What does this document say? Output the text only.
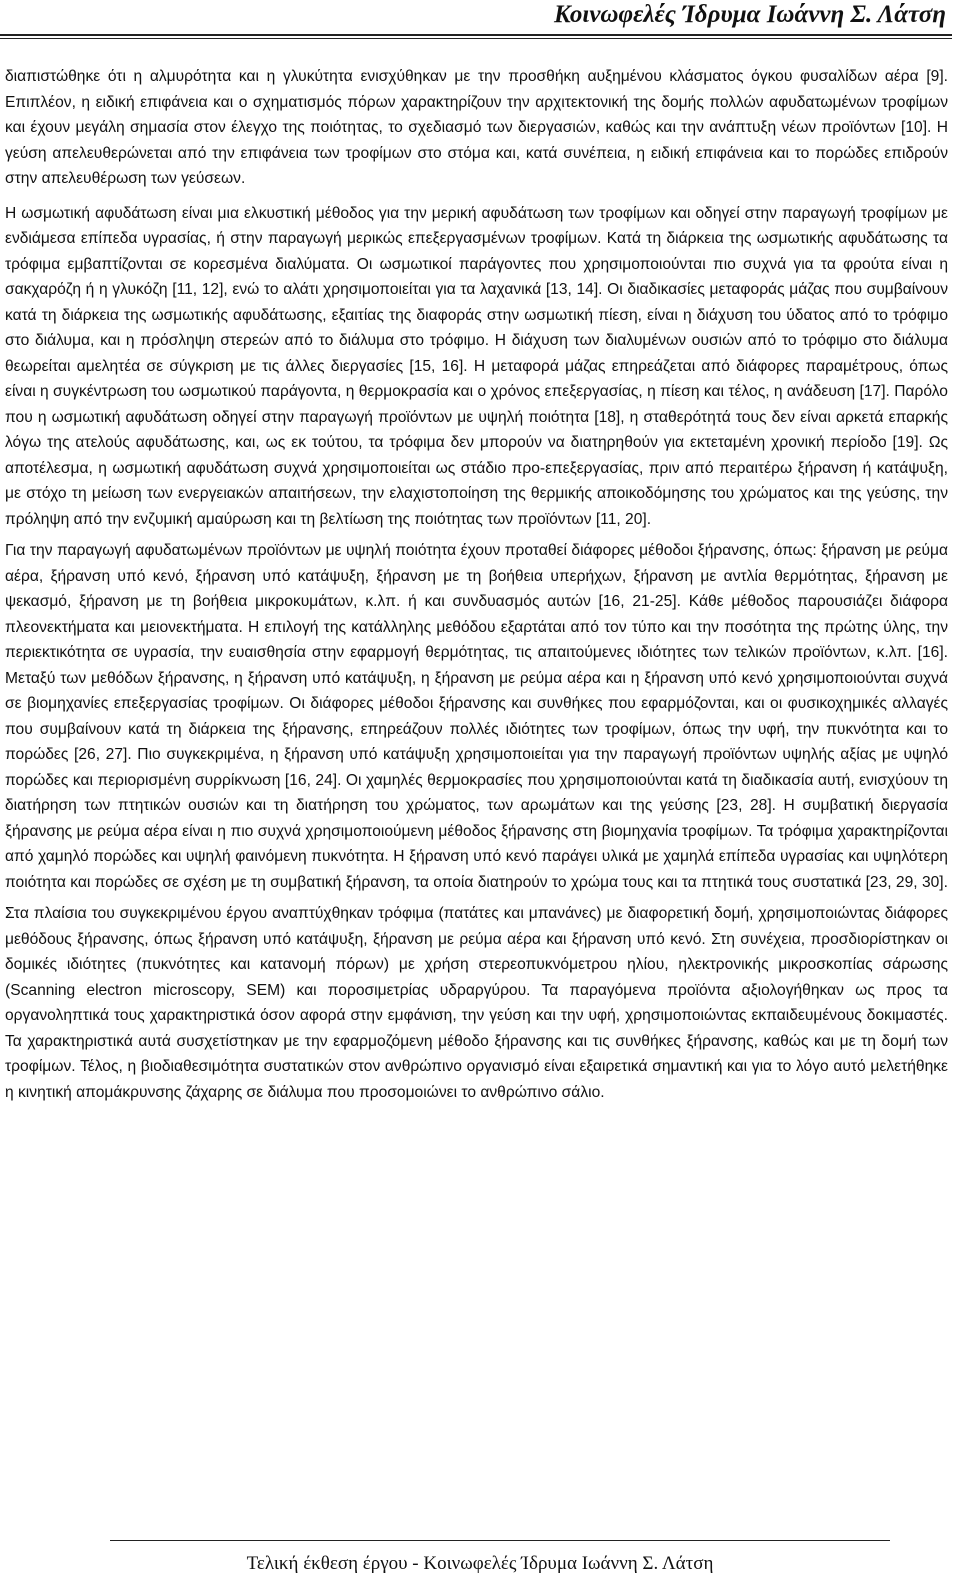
Κοινωφελές Ίδρυμα Ιωάννη Σ. Λάτση

διαπιστώθηκε ότι η αλμυρότητα και η γλυκύτητα ενισχύθηκαν με την προσθήκη αυξημένου κλάσματος όγκου φυσαλίδων αέρα [9]. Επιπλέον, η ειδική επιφάνεια και ο σχηματισμός πόρων χαρακτηρίζουν την αρχιτεκτονική της δομής πολλών αφυδατωμένων τροφίμων και έχουν μεγάλη σημασία στον έλεγχο της ποιότητας, το σχεδιασμό των διεργασιών, καθώς και την ανάπτυξη νέων προϊόντων [10]. Η γεύση απελευθερώνεται από την επιφάνεια των τροφίμων στο στόμα και, κατά συνέπεια, η ειδική επιφάνεια και το πορώδες επιδρούν στην απελευθέρωση των γεύσεων.

Η ωσμωτική αφυδάτωση είναι μια ελκυστική μέθοδος για την μερική αφυδάτωση των τροφίμων και οδηγεί στην παραγωγή τροφίμων με ενδιάμεσα επίπεδα υγρασίας, ή στην παραγωγή μερικώς επεξεργασμένων τροφίμων. Κατά τη διάρκεια της ωσμωτικής αφυδάτωσης τα τρόφιμα εμβαπτίζονται σε κορεσμένα διαλύματα. Οι ωσμωτικοί παράγοντες που χρησιμοποιούνται πιο συχνά για τα φρούτα είναι η σακχαρόζη ή η γλυκόζη [11, 12], ενώ το αλάτι χρησιμοποιείται για τα λαχανικά [13, 14]. Οι διαδικασίες μεταφοράς μάζας που συμβαίνουν κατά τη διάρκεια της ωσμωτικής αφυδάτωσης, εξαιτίας της διαφοράς στην ωσμωτική πίεση, είναι η διάχυση του ύδατος από το τρόφιμο στο διάλυμα, και η πρόσληψη στερεών από το διάλυμα στο τρόφιμο. Η διάχυση των διαλυμένων ουσιών από το τρόφιμο στο διάλυμα θεωρείται αμελητέα σε σύγκριση με τις άλλες διεργασίες [15, 16]. Η μεταφορά μάζας επηρεάζεται από διάφορες παραμέτρους, όπως είναι η συγκέντρωση του ωσμωτικού παράγοντα, η θερμοκρασία και ο χρόνος επεξεργασίας, η πίεση και τέλος, η ανάδευση [17]. Παρόλο που η ωσμωτική αφυδάτωση οδηγεί στην παραγωγή προϊόντων με υψηλή ποιότητα [18], η σταθερότητά τους δεν είναι αρκετά επαρκής λόγω της ατελούς αφυδάτωσης, και, ως εκ τούτου, τα τρόφιμα δεν μπορούν να διατηρηθούν για εκτεταμένη χρονική περίοδο [19]. Ως αποτέλεσμα, η ωσμωτική αφυδάτωση συχνά χρησιμοποιείται ως στάδιο προ-επεξεργασίας, πριν από περαιτέρω ξήρανση ή κατάψυξη, με στόχο τη μείωση των ενεργειακών απαιτήσεων, την ελαχιστοποίηση της θερμικής αποικοδόμησης του χρώματος και της γεύσης, την πρόληψη από την ενζυμική αμαύρωση και τη βελτίωση της ποιότητας των προϊόντων [11, 20].

Για την παραγωγή αφυδατωμένων προϊόντων με υψηλή ποιότητα έχουν προταθεί διάφορες μέθοδοι ξήρανσης, όπως: ξήρανση με ρεύμα αέρα, ξήρανση υπό κενό, ξήρανση υπό κατάψυξη, ξήρανση με τη βοήθεια υπερήχων, ξήρανση με αντλία θερμότητας, ξήρανση με ψεκασμό, ξήρανση με τη βοήθεια μικροκυμάτων, κ.λπ. ή και συνδυασμός αυτών [16, 21-25]. Κάθε μέθοδος παρουσιάζει διάφορα πλεονεκτήματα και μειονεκτήματα. Η επιλογή της κατάλληλης μεθόδου εξαρτάται από τον τύπο και την ποσότητα της πρώτης ύλης, την περιεκτικότητα σε υγρασία, την ευαισθησία στην εφαρμογή θερμότητας, τις απαιτούμενες ιδιότητες των τελικών προϊόντων, κ.λπ. [16]. Μεταξύ των μεθόδων ξήρανσης, η ξήρανση υπό κατάψυξη, η ξήρανση με ρεύμα αέρα και η ξήρανση υπό κενό χρησιμοποιούνται συχνά σε βιομηχανίες επεξεργασίας τροφίμων. Οι διάφορες μέθοδοι ξήρανσης και συνθήκες που εφαρμόζονται, και οι φυσικοχημικές αλλαγές που συμβαίνουν κατά τη διάρκεια της ξήρανσης, επηρεάζουν πολλές ιδιότητες των τροφίμων, όπως την υφή, την πυκνότητα και το πορώδες [26, 27]. Πιο συγκεκριμένα, η ξήρανση υπό κατάψυξη χρησιμοποιείται για την παραγωγή προϊόντων υψηλής αξίας με υψηλό πορώδες και περιορισμένη συρρίκνωση [16, 24]. Οι χαμηλές θερμοκρασίες που χρησιμοποιούνται κατά τη διαδικασία αυτή, ενισχύουν τη διατήρηση των πτητικών ουσιών και τη διατήρηση του χρώματος, των αρωμάτων και της γεύσης [23, 28]. Η συμβατική διεργασία ξήρανσης με ρεύμα αέρα είναι η πιο συχνά χρησιμοποιούμενη μέθοδος ξήρανσης στη βιομηχανία τροφίμων. Τα τρόφιμα χαρακτηρίζονται από χαμηλό πορώδες και υψηλή φαινόμενη πυκνότητα. Η ξήρανση υπό κενό παράγει υλικά με χαμηλά επίπεδα υγρασίας και υψηλότερη ποιότητα και πορώδες σε σχέση με τη συμβατική ξήρανση, τα οποία διατηρούν το χρώμα τους και τα πτητικά τους συστατικά [23, 29, 30].

Στα πλαίσια του συγκεκριμένου έργου αναπτύχθηκαν τρόφιμα (πατάτες και μπανάνες) με διαφορετική δομή, χρησιμοποιώντας διάφορες μεθόδους ξήρανσης, όπως ξήρανση υπό κατάψυξη, ξήρανση με ρεύμα αέρα και ξήρανση υπό κενό. Στη συνέχεια, προσδιορίστηκαν οι δομικές ιδιότητες (πυκνότητες και κατανομή πόρων) με χρήση στερεοπυκνόμετρου ηλίου, ηλεκτρονικής μικροσκοπίας σάρωσης (Scanning electron microscopy, SEM) και ποροσιμετρίας υδραργύρου. Τα παραγόμενα προϊόντα αξιολογήθηκαν ως προς τα οργανοληπτικά τους χαρακτηριστικά όσον αφορά στην εμφάνιση, την γεύση και την υφή, χρησιμοποιώντας εκπαιδευμένους δοκιμαστές. Τα χαρακτηριστικά αυτά συσχετίστηκαν με την εφαρμοζόμενη μέθοδο ξήρανσης και τις συνθήκες ξήρανσης, καθώς και με τη δομή των τροφίμων. Τέλος, η βιοδιαθεσιμότητα συστατικών στον ανθρώπινο οργανισμό είναι εξαιρετικά σημαντική και για το λόγο αυτό μελετήθηκε η κινητική απομάκρυνσης ζάχαρης σε διάλυμα που προσομοιώνει το ανθρώπινο σάλιο.

Τελική έκθεση έργου - Κοινωφελές Ίδρυμα Ιωάννη Σ. Λάτση
